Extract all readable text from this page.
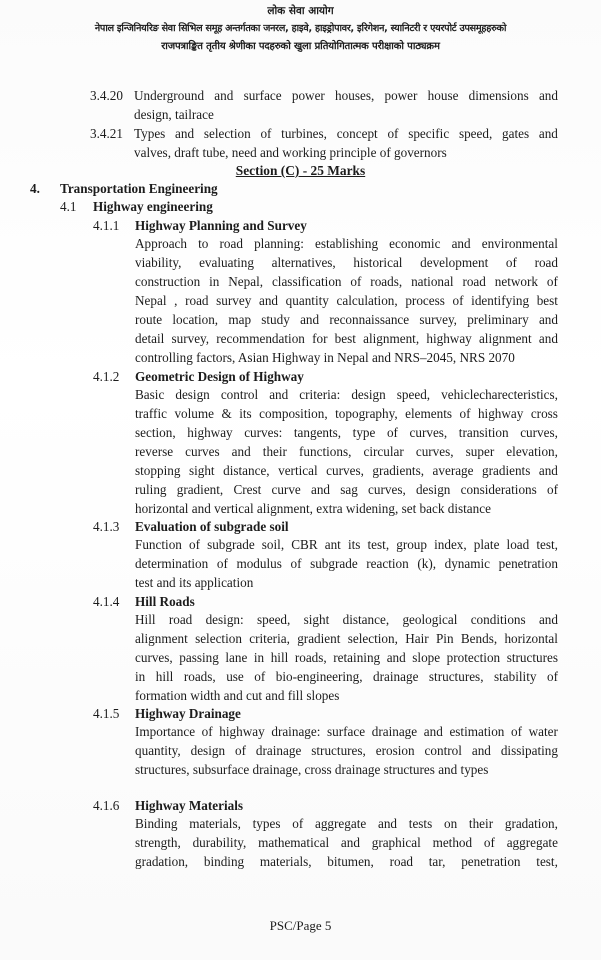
लोक सेवा आयोग
नेपाल इन्जिनियरिङ सेवा सिभिल समूह अन्तर्गतका जनरल, हाइवे, हाइड्रोपावर, इरिगेशन, स्यानिटरी र एयरपोर्ट उपसमूहहरुको
राजपत्राङ्कित तृतीय श्रेणीका पदहरुको खुला प्रतियोगितात्मक परीक्षाको पाठ्यक्रम
3.4.20 Underground and surface power houses, power house dimensions and
design, tailrace
3.4.21 Types and selection of turbines, concept of specific speed, gates and
valves, draft tube, need and working principle of governors
Section (C) - 25 Marks
4. Transportation Engineering
4.1 Highway engineering
4.1.1 Highway Planning and Survey
Approach to road planning: establishing economic and environmental
viability, evaluating alternatives, historical development of road
construction in Nepal, classification of roads, national road network of
Nepal , road survey and quantity calculation, process of identifying best
route location, map study and reconnaissance survey, preliminary and
detail survey, recommendation for best alignment, highway alignment and
controlling factors, Asian Highway in Nepal and NRS–2045, NRS 2070
4.1.2 Geometric Design of Highway
Basic design control and criteria: design speed, vehiclecharecteristics,
traffic volume & its composition, topography, elements of highway cross
section, highway curves: tangents, type of curves, transition curves,
reverse curves and their functions, circular curves, super elevation,
stopping sight distance, vertical curves, gradients, average gradients and
ruling gradient, Crest curve and sag curves, design considerations of
horizontal and vertical alignment, extra widening, set back distance
4.1.3 Evaluation of subgrade soil
Function of subgrade soil, CBR ant its test, group index, plate load test,
determination of modulus of subgrade reaction (k), dynamic penetration
test and its application
4.1.4 Hill Roads
Hill road design: speed, sight distance, geological conditions and
alignment selection criteria, gradient selection, Hair Pin Bends, horizontal
curves, passing lane in hill roads, retaining and slope protection structures
in hill roads, use of bio-engineering, drainage structures, stability of
formation width and cut and fill slopes
4.1.5 Highway Drainage
Importance of highway drainage: surface drainage and estimation of water
quantity, design of drainage structures, erosion control and dissipating
structures, subsurface drainage, cross drainage structures and types
4.1.6 Highway Materials
Binding materials, types of aggregate and tests on their gradation,
strength, durability, mathematical and graphical method of aggregate
gradation, binding materials, bitumen, road tar, penetration test,
PSC/Page 5
